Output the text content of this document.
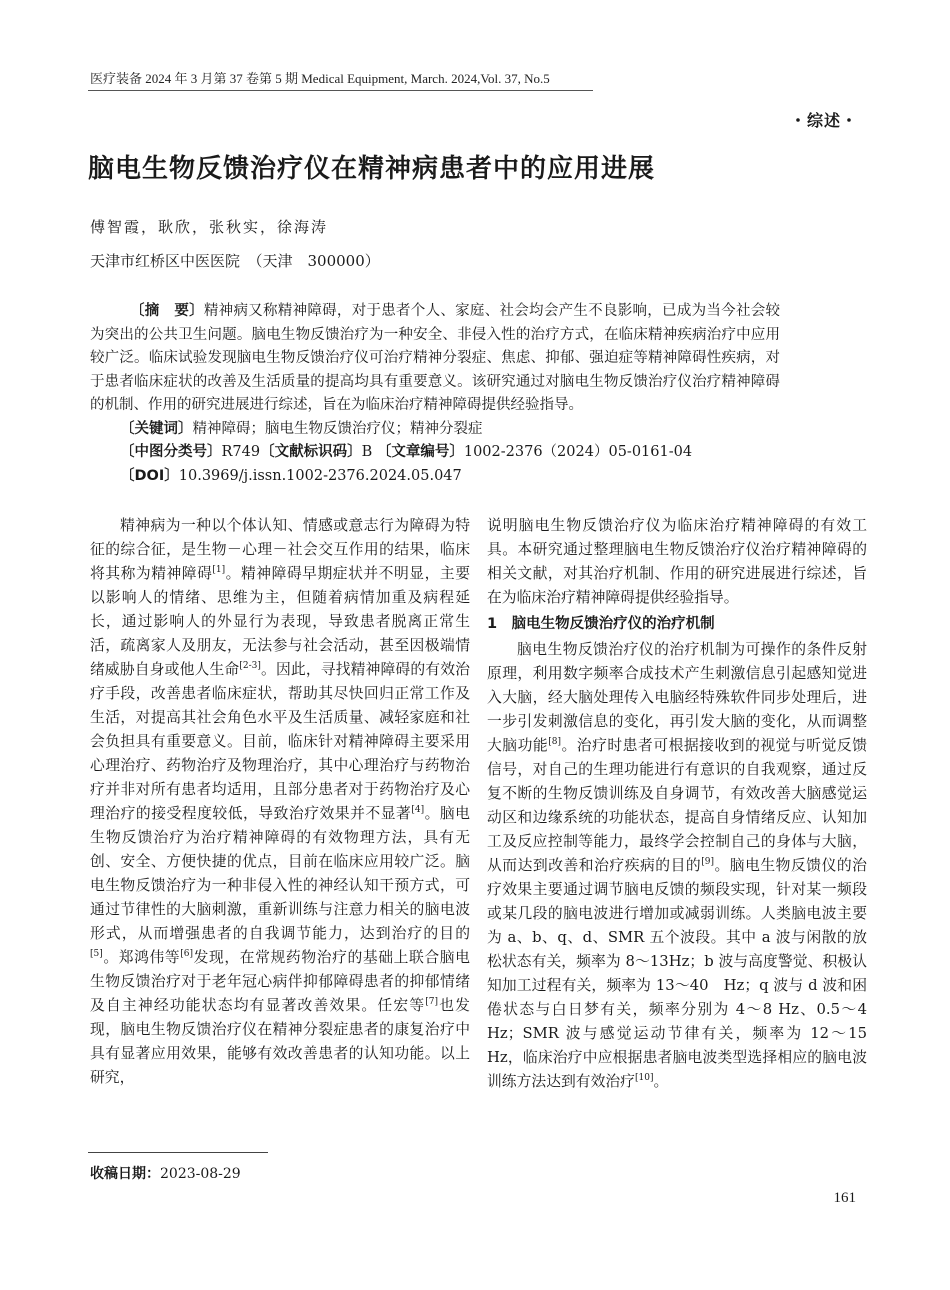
医疗装备 2024 年 3 月第 37 卷第 5 期 Medical Equipment, March. 2024,Vol. 37, No.5
・综述・
脑电生物反馈治疗仪在精神病患者中的应用进展
傅智霞，耿欣，张秋实，徐海涛
天津市红桥区中医医院　（天津　300000）

〔摘　要〕精神病又称精神障碍，对于患者个人、家庭、社会均会产生不良影响，已成为当今社会较为突出的公共卫生问题。脑电生物反馈治疗为一种安全、非侵入性的治疗方式，在临床精神疾病治疗中应用较广泛。临床试验发现脑电生物反馈治疗仪可治疗精神分裂症、焦虑、抑郁、强迫症等精神障碍性疾病，对于患者临床症状的改善及生活质量的提高均具有重要意义。该研究通过对脑电生物反馈治疗仪治疗精神障碍的机制、作用的研究进展进行综述，旨在为临床治疗精神障碍提供经验指导。

〔关键词〕精神障碍；脑电生物反馈治疗仪；精神分裂症

〔中图分类号〕R749〔文献标识码〕B 〔文章编号〕1002-2376（2024）05-0161-04

〔DOI〕10.3969/j.issn.1002-2376.2024.05.047

精神病为一种以个体认知、情感或意志行为障碍为特征的综合征，是生物－心理－社会交互作用的结果，临床将其称为精神障碍[1]。精神障碍早期症状并不明显，主要以影响人的情绪、思维为主，但随着病情加重及病程延长，通过影响人的外显行为表现，导致患者脱离正常生活，疏离家人及朋友，无法参与社会活动，甚至因极端情绪威胁自身或他人生命[2-3]。因此，寻找精神障碍的有效治疗手段，改善患者临床症状，帮助其尽快回归正常工作及生活，对提高其社会角色水平及生活质量、减轻家庭和社会负担具有重要意义。目前，临床针对精神障碍主要采用心理治疗、药物治疗及物理治疗，其中心理治疗与药物治疗并非对所有患者均适用，且部分患者对于药物治疗及心理治疗的接受程度较低，导致治疗效果并不显著[4]。脑电生物反馈治疗为治疗精神障碍的有效物理方法，具有无创、安全、方便快捷的优点，目前在临床应用较广泛。脑电生物反馈治疗为一种非侵入性的神经认知干预方式，可通过节律性的大脑刺激，重新训练与注意力相关的脑电波形式，从而增强患者的自我调节能力，达到治疗的目的[5]。郑鸿伟等[6]发现，在常规药物治疗的基础上联合脑电生物反馈治疗对于老年冠心病伴抑郁障碍患者的抑郁情绪及自主神经功能状态均有显著改善效果。任宏等[7]也发现，脑电生物反馈治疗仪在精神分裂症患者的康复治疗中具有显著应用效果，能够有效改善患者的认知功能。以上研究，

说明脑电生物反馈治疗仪为临床治疗精神障碍的有效工具。本研究通过整理脑电生物反馈治疗仪治疗精神障碍的相关文献，对其治疗机制、作用的研究进展进行综述，旨在为临床治疗精神障碍提供经验指导。

1　脑电生物反馈治疗仪的治疗机制

脑电生物反馈治疗仪的治疗机制为可操作的条件反射原理，利用数字频率合成技术产生刺激信息引起感知觉进入大脑，经大脑处理传入电脑经特殊软件同步处理后，进一步引发刺激信息的变化，再引发大脑的变化，从而调整大脑功能[8]。治疗时患者可根据接收到的视觉与听觉反馈信号，对自己的生理功能进行有意识的自我观察，通过反复不断的生物反馈训练及自身调节，有效改善大脑感觉运动区和边缘系统的功能状态，提高自身情绪反应、认知加工及反应控制等能力，最终学会控制自己的身体与大脑，从而达到改善和治疗疾病的目的[9]。脑电生物反馈仪的治疗效果主要通过调节脑电反馈的频段实现，针对某一频段或某几段的脑电波进行增加或减弱训练。人类脑电波主要为 a、b、q、d、SMR 五个波段。其中 a 波与闲散的放松状态有关，频率为 8～13Hz；b 波与高度警觉、积极认知加工过程有关，频率为 13～40　Hz；q 波与 d 波和困倦状态与白日梦有关，频率分别为 4～8 Hz、0.5～4 Hz；SMR 波与感觉运动节律有关，频率为 12～15 Hz，临床治疗中应根据患者脑电波类型选择相应的脑电波训练方法达到有效治疗[10]。

收稿日期：2023-08-29
161
